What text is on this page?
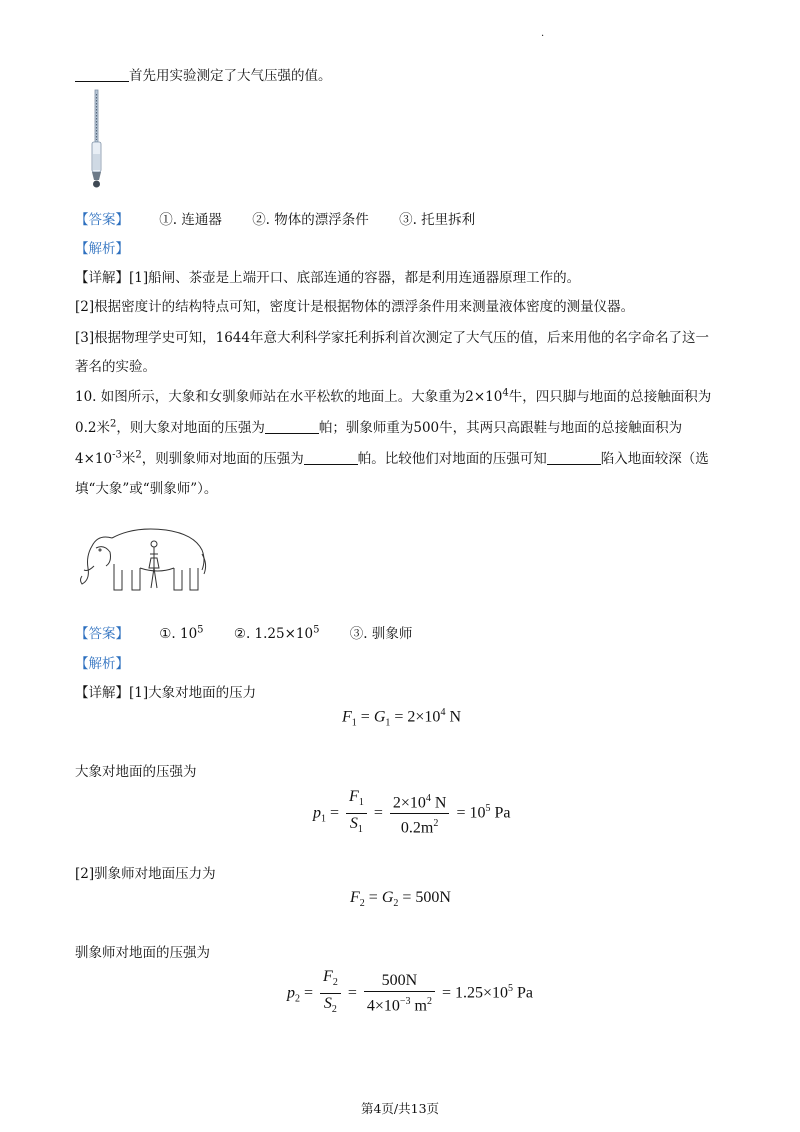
.
首先用实验测定了大气压强的值。
【答案】 ①. 连通器 ②. 物体的漂浮条件 ③. 托里拆利
【解析】
【详解】[1]船闸、茶壶是上端开口、底部连通的容器，都是利用连通器原理工作的。
[2]根据密度计的结构特点可知，密度计是根据物体的漂浮条件用来测量液体密度的测量仪器。
[3]根据物理学史可知，1644年意大利科学家托利拆利首次测定了大气压的值，后来用他的名字命名了这一
著名的实验。
10. 如图所示，大象和女驯象师站在水平松软的地面上。大象重为$2\times 10^4$牛，四只脚与地面的总接触面积为
0.2米$^2$，则大象对地面的压强为	帕；驯象师重为500牛，其两只高跟鞋与地面的总接触面积为
$4\times 10^{-3}$米$^2$，则驯象师对地面的压强为	帕。比较他们对地面的压强可知	陷入地面较深（选
填“大象”或“驯象师”）。
【答案】 ①. $10^5$ ②. $1.25\times 10^5$ ③. 驯象师
【解析】
【详解】[1]大象对地面的压力
$F_1 = G_1 = 2\times 10^4$ N
大象对地面的压强为
$p_1 = \frac{F_1}{S_1} = \frac{2\times 10^4 N}{0.2m^2} = 10^5$ Pa
[2]驯象师对地面压力为
$F_2 = G_2 = 500N$
驯象师对地面的压强为
$p_2 = \frac{F_2}{S_2} = \frac{500N}{4\times 10^{-3} m^2} = 1.25\times 10^5$ Pa
第4页/共13页
